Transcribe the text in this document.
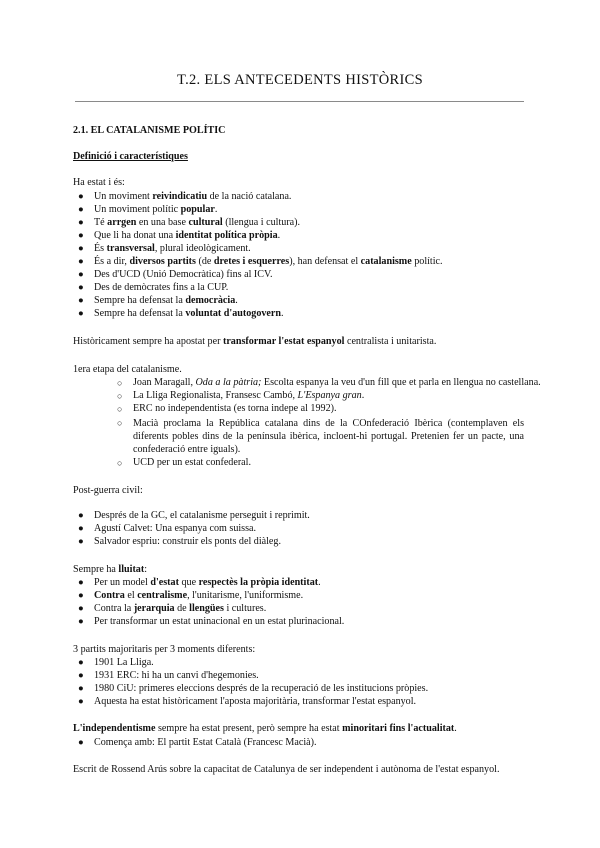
T.2. ELS ANTECEDENTS HISTÒRICS
2.1. EL CATALANISME POLÍTIC
Definició i característiques
Ha estat i és:
● Un moviment reivindicatiu de la nació catalana.
● Un moviment polític popular.
● Té arrgen en una base cultural (llengua i cultura).
● Que li ha donat una identitat política pròpia.
● És transversal, plural ideològicament.
● És a dir, diversos partits (de dretes i esquerres), han defensat el catalanisme polític.
● Des d'UCD (Unió Democràtica) fins al ICV.
● Des de demòcrates fins a la CUP.
● Sempre ha defensat la democràcia.
● Sempre ha defensat la voluntat d'autogovern.
Històricament sempre ha apostat per transformar l'estat espanyol centralista i unitarista.
1era etapa del catalanisme.
○ Joan Maragall, Oda a la pàtria; Escolta espanya la veu d'un fill que et parla en llengua no castellana.
○ La Lliga Regionalista, Fransesc Cambó, L'Espanya gran.
○ ERC no independentista (es torna indepe al 1992).
○ Macià proclama la República catalana dins de la COnfederació Ibèrica (contemplaven els diferents pobles dins de la península ibèrica, incloent-hi portugal. Pretenien fer un pacte, una confederació entre iguals).
○ UCD per un estat confederal.
Post-guerra civil:
● Després de la GC, el catalanisme perseguit i reprimit.
● Agustí Calvet: Una espanya com suissa.
● Salvador espriu: construir els ponts del diàleg.
Sempre ha lluitat:
● Per un model d'estat que respectès la pròpia identitat.
● Contra el centralisme, l'unitarisme, l'uniformisme.
● Contra la jerarquia de llengües i cultures.
● Per transformar un estat uninacional en un estat plurinacional.
3 partits majoritaris per 3 moments diferents:
● 1901 La Lliga.
● 1931 ERC: hi ha un canvi d'hegemonies.
● 1980 CiU: primeres eleccions després de la recuperació de les institucions pròpies.
● Aquesta ha estat històricament l'aposta majoritària, transformar l'estat espanyol.
L'independentisme sempre ha estat present, però sempre ha estat minoritari fins l'actualitat.
● Comença amb: El partit Estat Català (Francesc Macià).
Escrit de Rossend Arús sobre la capacitat de Catalunya de ser independent i autònoma de l'estat espanyol.
